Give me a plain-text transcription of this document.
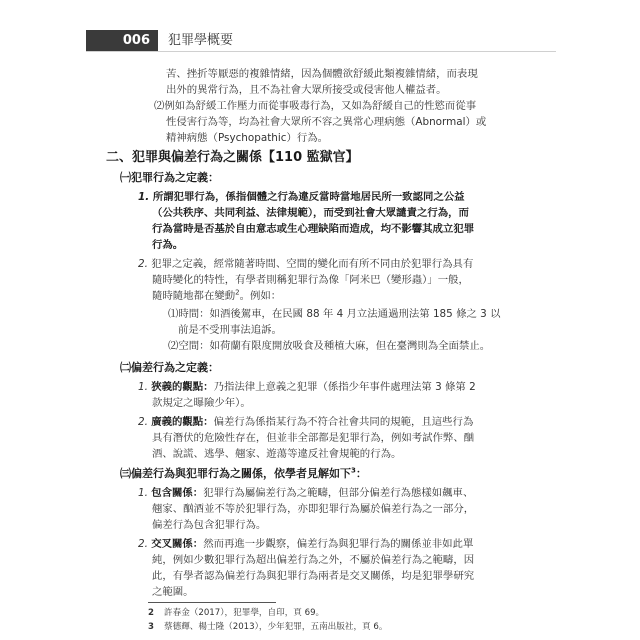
006	犯罪學概要
苦、挫折等厭惡的複雜情緒，因為個體欲舒緩此類複雜情緒，而表現
出外的異常行為，且不為社會大眾所接受或侵害他人權益者。
⑵例如為舒緩工作壓力而從事吸毒行為，又如為舒緩自己的性慾而從事
性侵害行為等，均為社會大眾所不容之異常心理病態（Abnormal）或
精神病態（Psychopathic）行為。
二、犯罪與偏差行為之關係【110 監獄官】
㈠犯罪行為之定義：
1. 所謂犯罪行為，係指個體之行為違反當時當地居民所一致認同之公益
（公共秩序、共同利益、法律規範），而受到社會大眾譴責之行為，而
行為當時是否基於自由意志或生心理缺陷而造成，均不影響其成立犯罪
行為。
2. 犯罪之定義，經常隨著時間、空間的變化而有所不同由於犯罪行為具有
隨時變化的特性，有學者則稱犯罪行為像「阿米巴（變形蟲）」一般，
隨時隨地都在變動$^2$。例如：
⑴時間：如酒後駕車，在民國 88 年 4 月立法通過刑法第 185 條之 3 以
前是不受刑事法追訴。
⑵空間：如荷蘭有限度開放吸食及種植大麻，但在臺灣則為全面禁止。
㈡偏差行為之定義：
1. 狹義的觀點：乃指法律上意義之犯罪（係指少年事件處理法第 3 條第 2
款規定之曝險少年）。
2. 廣義的觀點：偏差行為係指某行為不符合社會共同的規範，且這些行為
具有潛伏的危險性存在，但並非全部都是犯罪行為，例如考試作弊、酗
酒、說謊、逃學、翹家、遊蕩等違反社會規範的行為。
㈢偏差行為與犯罪行為之關係，依學者見解如下$^3$：
1. 包含關係：犯罪行為屬偏差行為之範疇，但部分偏差行為態樣如飆車、
翹家、酗酒並不等於犯罪行為，亦即犯罪行為屬於偏差行為之一部分，
偏差行為包含犯罪行為。
2. 交叉關係：然而再進一步觀察，偏差行為與犯罪行為的關係並非如此單
純，例如少數犯罪行為超出偏差行為之外，不屬於偏差行為之範疇，因
此，有學者認為偏差行為與犯罪行為兩者是交叉關係，均是犯罪學研究
之範圍。
2 許春金（2017），犯罪學，自印，頁 69。
3 蔡德輝、楊士隆（2013），少年犯罪，五南出版社，頁 6。
